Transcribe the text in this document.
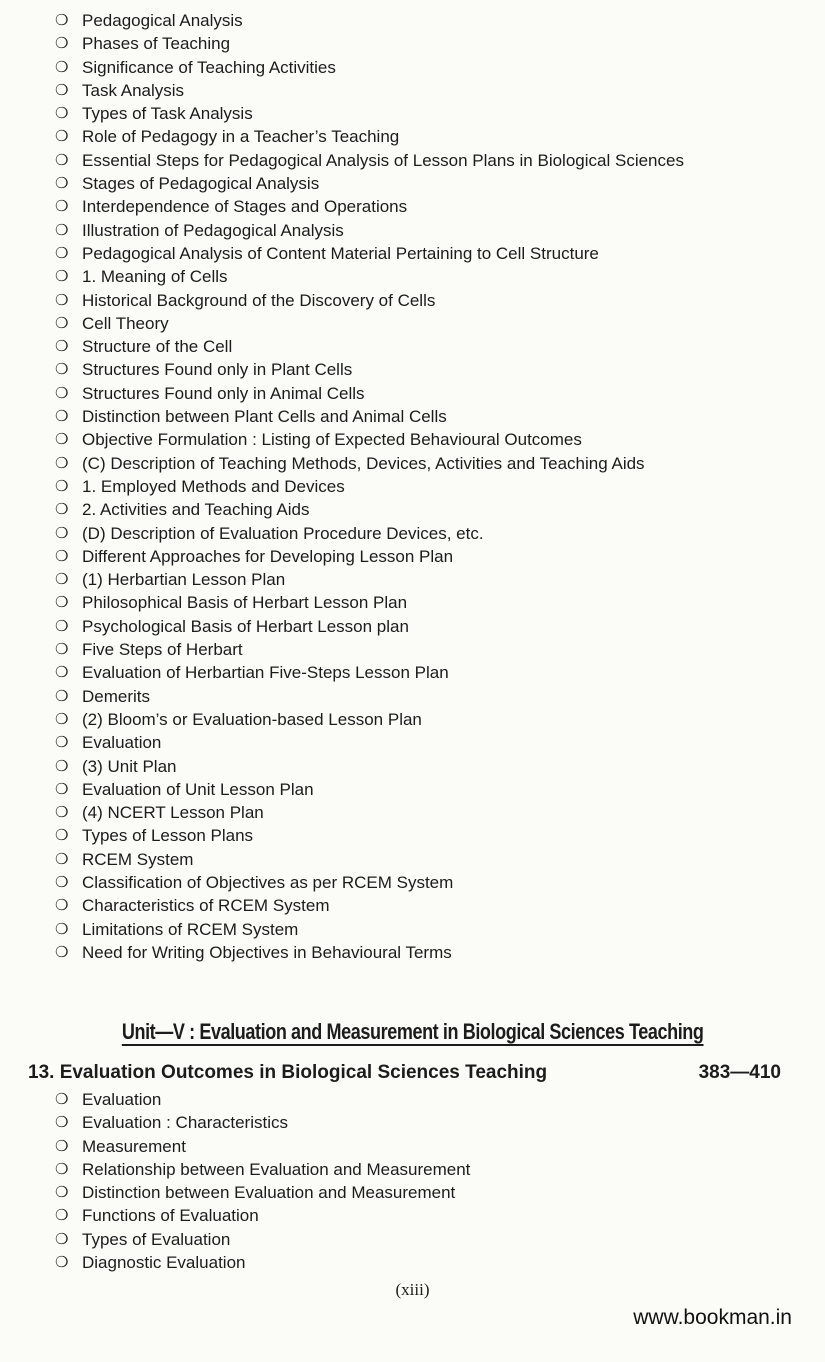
❍ Pedagogical Analysis
❍ Phases of Teaching
❍ Significance of Teaching Activities
❍ Task Analysis
❍ Types of Task Analysis
❍ Role of Pedagogy in a Teacher’s Teaching
❍ Essential Steps for Pedagogical Analysis of Lesson Plans in Biological Sciences
❍ Stages of Pedagogical Analysis
❍ Interdependence of Stages and Operations
❍ Illustration of Pedagogical Analysis
❍ Pedagogical Analysis of Content Material Pertaining to Cell Structure
❍ 1. Meaning of Cells
❍ Historical Background of the Discovery of Cells
❍ Cell Theory
❍ Structure of the Cell
❍ Structures Found only in Plant Cells
❍ Structures Found only in Animal Cells
❍ Distinction between Plant Cells and Animal Cells
❍ Objective Formulation : Listing of Expected Behavioural Outcomes
❍ (C) Description of Teaching Methods, Devices, Activities and Teaching Aids
❍ 1. Employed Methods and Devices
❍ 2. Activities and Teaching Aids
❍ (D) Description of Evaluation Procedure Devices, etc.
❍ Different Approaches for Developing Lesson Plan
❍ (1) Herbartian Lesson Plan
❍ Philosophical Basis of Herbart Lesson Plan
❍ Psychological Basis of Herbart Lesson plan
❍ Five Steps of Herbart
❍ Evaluation of Herbartian Five-Steps Lesson Plan
❍ Demerits
❍ (2) Bloom’s or Evaluation-based Lesson Plan
❍ Evaluation
❍ (3) Unit Plan
❍ Evaluation of Unit Lesson Plan
❍ (4) NCERT Lesson Plan
❍ Types of Lesson Plans
❍ RCEM System
❍ Classification of Objectives as per RCEM System
❍ Characteristics of RCEM System
❍ Limitations of RCEM System
❍ Need for Writing Objectives in Behavioural Terms
Unit—V : Evaluation and Measurement in Biological Sciences Teaching
13. Evaluation Outcomes in Biological Sciences Teaching	383—410
❍ Evaluation
❍ Evaluation : Characteristics
❍ Measurement
❍ Relationship between Evaluation and Measurement
❍ Distinction between Evaluation and Measurement
❍ Functions of Evaluation
❍ Types of Evaluation
❍ Diagnostic Evaluation
(xiii)
www.bookman.in
